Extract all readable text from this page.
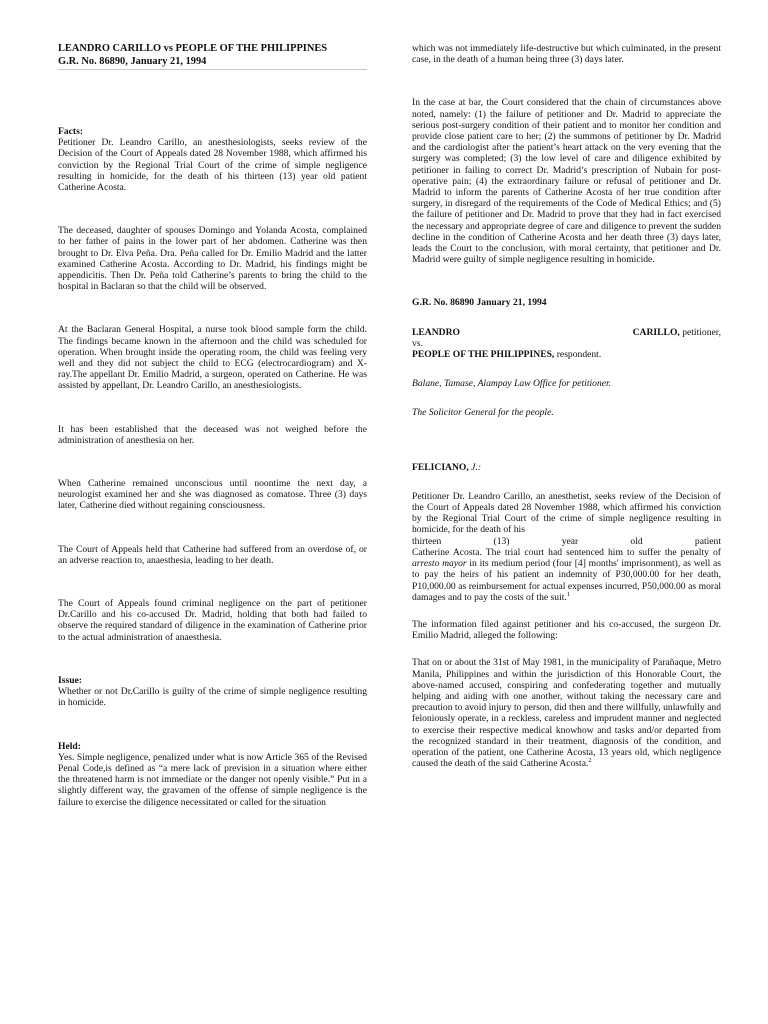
LEANDRO CARILLO vs PEOPLE OF THE PHILIPPINES

G.R. No. 86890, January 21, 1994

Facts:

Petitioner Dr. Leandro Carillo, an anesthesiologists, seeks review of the Decision of the Court of Appeals dated 28 November 1988, which affirmed his conviction by the Regional Trial Court of the crime of simple negligence resulting in homicide, for the death of his thirteen (13) year old patient Catherine Acosta.

The deceased, daughter of spouses Domingo and Yolanda Acosta, complained to her father of pains in the lower part of her abdomen. Catherine was then brought to Dr. Elva Peña. Dra. Peña called for Dr. Emilio Madrid and the latter examined Catherine Acosta. According to Dr. Madrid, his findings might be appendicitis. Then Dr. Peña told Catherine’s parents to bring the child to the hospital in Baclaran so that the child will be observed.

At the Baclaran General Hospital, a nurse took blood sample form the child. The findings became known in the afternoon and the child was scheduled for operation. When brought inside the operating room, the child was feeling very well and they did not subject the child to ECG (electrocardiogram) and X-ray.The appellant Dr. Emilio Madrid, a surgeon, operated on Catherine. He was assisted by appellant, Dr. Leandro Carillo, an anesthesiologists.

It has been established that the deceased was not weighed before the administration of anesthesia on her.

When Catherine remained unconscious until noontime the next day, a neurologist examined her and she was diagnosed as comatose. Three (3) days later, Catherine died without regaining consciousness.

The Court of Appeals held that Catherine had suffered from an overdose of, or an adverse reaction to, anaesthesia, leading to her death.

The Court of Appeals found criminal negligence on the part of petitioner Dr.Carillo and his co-accused Dr. Madrid, holding that both had failed to observe the required standard of diligence in the examination of Catherine prior to the actual administration of anaesthesia.

Issue:

Whether or not Dr.Carillo is guilty of the crime of simple negligence resulting in homicide.

Held:

Yes. Simple negligence, penalized under what is now Article 365 of the Revised Penal Code,is defined as “a mere lack of prevision in a situation where either the threatened harm is not immediate or the danger not openly visible.” Put in a slightly different way, the gravamen of the offense of simple negligence is the failure to exercise the diligence necessitated or called for the situation

which was not immediately life-destructive but which culminated, in the present case, in the death of a human being three (3) days later.

In the case at bar, the Court considered that the chain of circumstances above noted, namely: (1) the failure of petitioner and Dr. Madrid to appreciate the serious post-surgery condition of their patient and to monitor her condition and provide close patient care to her; (2) the summons of petitioner by Dr. Madrid and the cardiologist after the patient’s heart attack on the very evening that the surgery was completed; (3) the low level of care and diligence exhibited by petitioner in failing to correct Dr. Madrid’s prescription of Nubain for post-operative pain; (4) the extraordinary failure or refusal of petitioner and Dr. Madrid to inform the parents of Catherine Acosta of her true condition after surgery, in disregard of the requirements of the Code of Medical Ethics; and (5) the failure of petitioner and Dr. Madrid to prove that they had in fact exercised the necessary and appropriate degree of care and diligence to prevent the sudden decline in the condition of Catherine Acosta and her death three (3) days later, leads the Court to the conclusion, with moral certainty, that petitioner and Dr. Madrid were guilty of simple negligence resulting in homicide.

G.R. No. 86890 January 21, 1994

LEANDRO	CARILLO, petitioner,

vs.

PEOPLE OF THE PHILIPPINES, respondent.

Balane, Tamase, Alampay Law Office for petitioner.

The Solicitor General for the people.

FELICIANO, J.:

Petitioner Dr. Leandro Carillo, an anesthetist, seeks review of the Decision of the Court of Appeals dated 28 November 1988, which affirmed his conviction by the Regional Trial Court of the crime of simple negligence resulting in homicide, for the death of his

thirteen	(13)	year	old	patient

Catherine Acosta. The trial court had sentenced him to suffer the penalty of arresto mayor in its medium period (four [4] months' imprisonment), as well as to pay the heirs of his patient an indemnity of P30,000.00 for her death, P10,000.00 as reimbursement for actual expenses incurred, P50,000.00 as moral damages and to pay the costs of the suit.$^1$

The information filed against petitioner and his co-accused, the surgeon Dr. Emilio Madrid, alleged the following:

That on or about the 31st of May 1981, in the municipality of Parañaque, Metro Manila, Philippines and within the jurisdiction of this Honorable Court, the above-named accused, conspiring and confederating together and mutually helping and aiding with one another, without taking the necessary care and precaution to avoid injury to person, did then and there willfully, unlawfully and feloniously operate, in a reckless, careless and imprudent manner and neglected to exercise their respective medical knowhow and tasks and/or departed from the recognized standard in their treatment, diagnosis of the condition, and operation of the patient, one Catherine Acosta, 13 years old, which negligence caused the death of the said Catherine Acosta.$^2$
